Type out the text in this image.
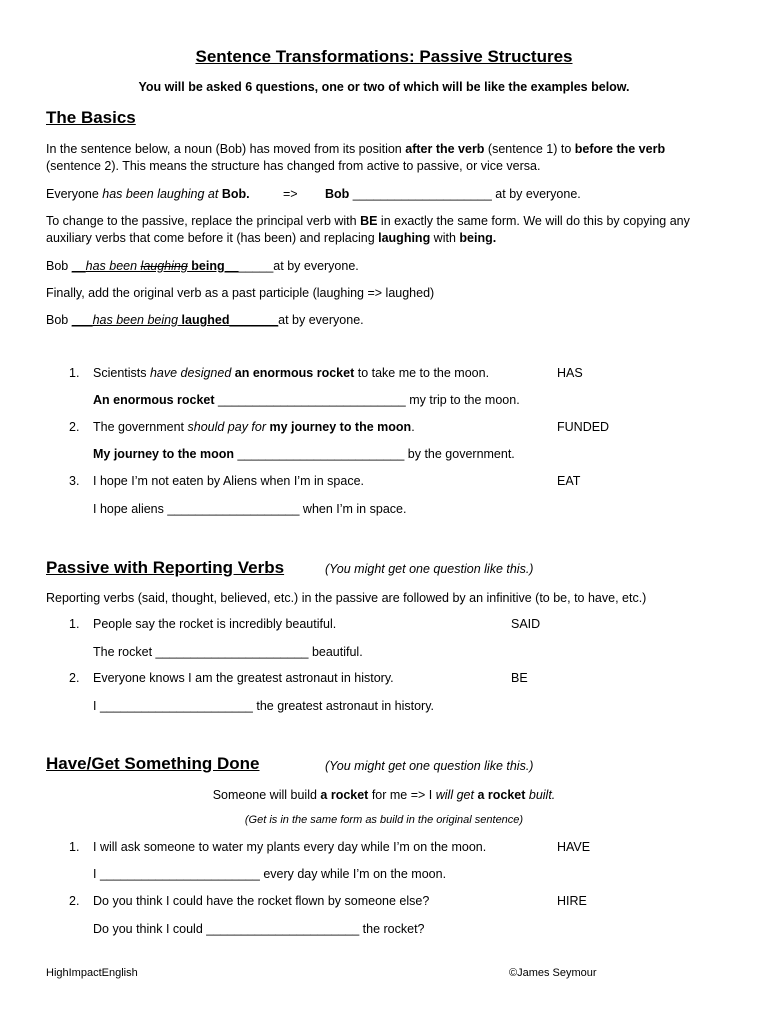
Sentence Transformations: Passive Structures
You will be asked 6 questions, one or two of which will be like the examples below.
The Basics
In the sentence below, a noun (Bob) has moved from its position after the verb (sentence 1) to before the verb
(sentence 2). This means the structure has changed from active to passive, or vice versa.
Everyone has been laughing at Bob.	=> Bob ____________________ at by everyone.
To change to the passive, replace the principal verb with BE in exactly the same form. We will do this by copying any
auxiliary verbs that come before it (has been) and replacing laughing with being.
Bob __has been laughing being_______at by everyone.
Finally, add the original verb as a past participle (laughing => laughed)
Bob ___has been being laughed_______at by everyone.
1. Scientists have designed an enormous rocket to take me to the moon.	HAS
An enormous rocket ___________________________ my trip to the moon.
2. The government should pay for my journey to the moon.	FUNDED
My journey to the moon ________________________ by the government.
3. I hope I’m not eaten by Aliens when I’m in space.	EAT
I hope aliens ___________________ when I’m in space.
Passive with Reporting Verbs	(You might get one question like this.)
Reporting verbs (said, thought, believed, etc.) in the passive are followed by an infinitive (to be, to have, etc.)
1. People say the rocket is incredibly beautiful.	SAID
The rocket ______________________ beautiful.
2. Everyone knows I am the greatest astronaut in history.	BE
I ______________________ the greatest astronaut in history.
Have/Get Something Done	(You might get one question like this.)
Someone will build a rocket for me => I will get a rocket built.
(Get is in the same form as build in the original sentence)
1. I will ask someone to water my plants every day while I’m on the moon.	HAVE
I _______________________ every day while I’m on the moon.
2. Do you think I could have the rocket flown by someone else?	HIRE
Do you think I could ______________________ the rocket?
HighImpactEnglish	©James Seymour
